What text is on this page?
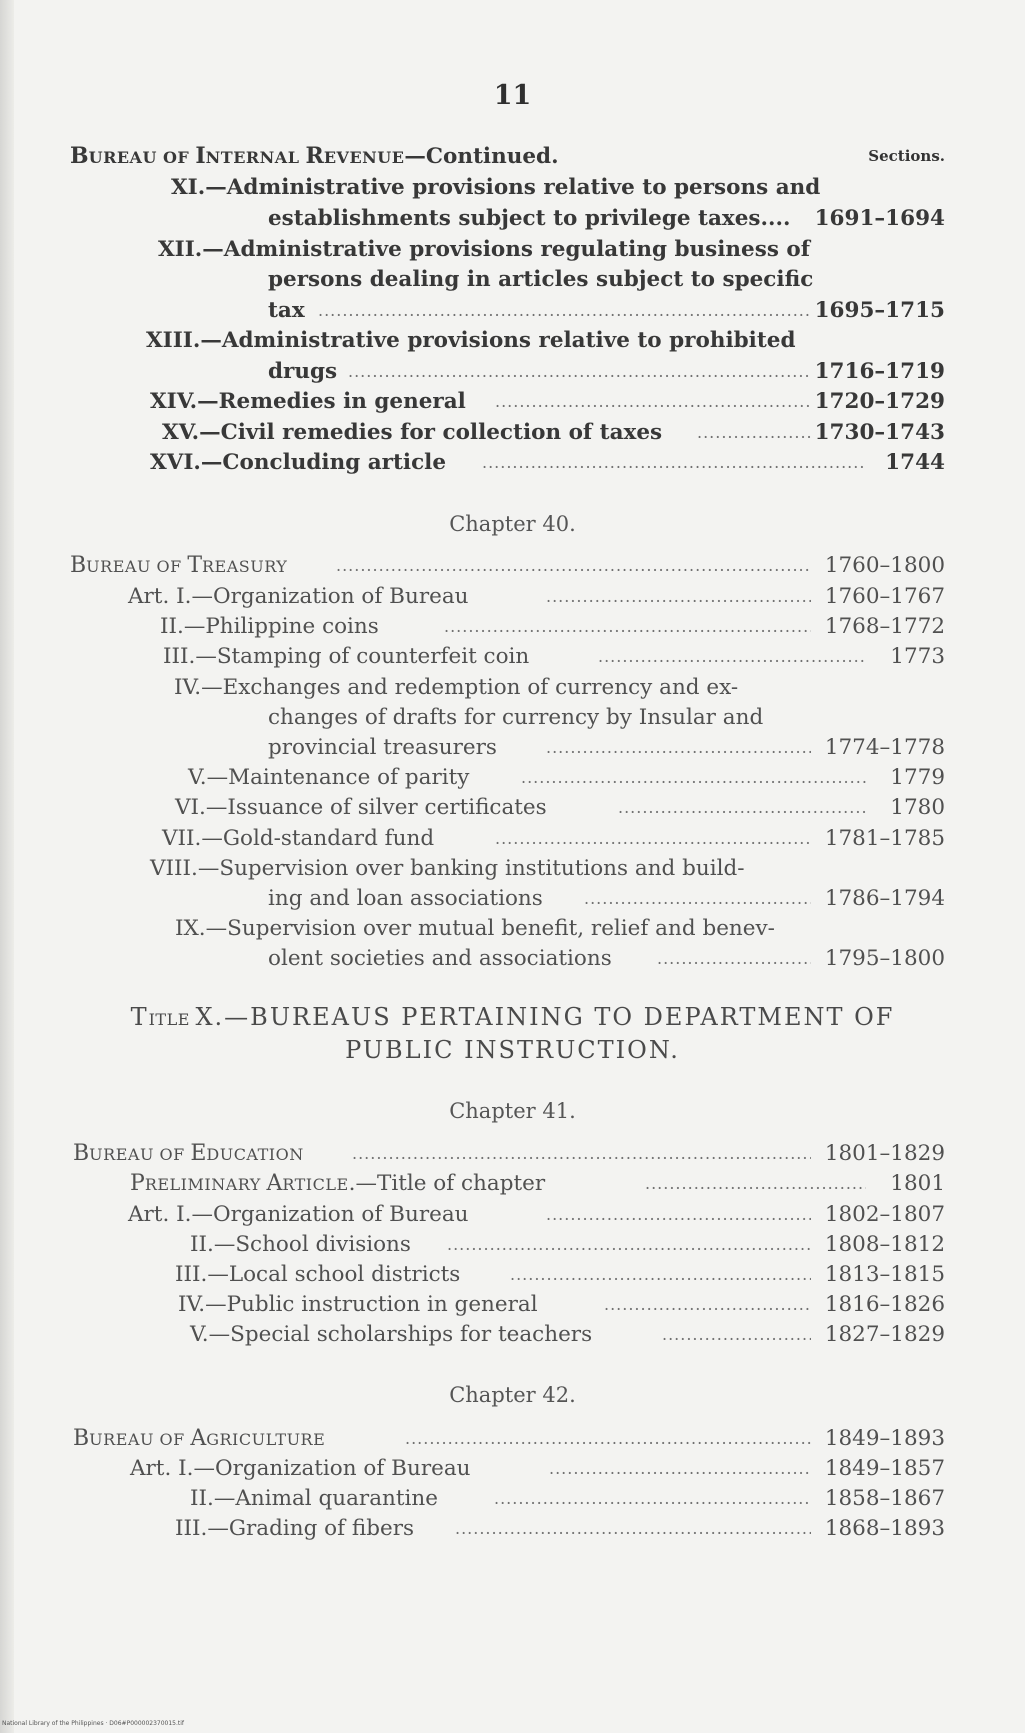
11
Sections.
BUREAU OF INTERNAL REVENUE—Continued.
XI.—Administrative provisions relative to persons and
establishments subject to privilege taxes.... 1691–1694
XII.—Administrative provisions regulating business of
persons dealing in articles subject to specific
tax .....	1695–1715
XIII.—Administrative provisions relative to prohibited
drugs .....	1716–1719
XIV.—Remedies in general .....	1720–1729
XV.—Civil remedies for collection of taxes .....	1730–1743
XVI.—Concluding article .....	1744
Chapter 40.
BUREAU OF TREASURY .....	1760–1800
Art. I.—Organization of Bureau .....	1760–1767
II.—Philippine coins .....	1768–1772
III.—Stamping of counterfeit coin .....	1773
IV.—Exchanges and redemption of currency and ex-
changes of drafts for currency by Insular and
provincial treasurers .....	1774–1778
V.—Maintenance of parity .....	1779
VI.—Issuance of silver certificates .....	1780
VII.—Gold-standard fund .....	1781–1785
VIII.—Supervision over banking institutions and build-
ing and loan associations .....	1786–1794
IX.—Supervision over mutual benefit, relief and benev-
olent societies and associations .....	1795–1800
TITLE X.—BUREAUS PERTAINING TO DEPARTMENT OF
PUBLIC INSTRUCTION.
Chapter 41.
BUREAU OF EDUCATION .....	1801–1829
PRELIMINARY ARTICLE.—Title of chapter .....	1801
Art. I.—Organization of Bureau .....	1802–1807
II.—School divisions .....	1808–1812
III.—Local school districts .....	1813–1815
IV.—Public instruction in general .....	1816–1826
V.—Special scholarships for teachers .....	1827–1829
Chapter 42.
BUREAU OF AGRICULTURE .....	1849–1893
Art. I.—Organization of Bureau .....	1849–1857
II.—Animal quarantine .....	1858–1867
III.—Grading of fibers .....	1868–1893
National Library of the Philippines · D06#P000002370015.tif
